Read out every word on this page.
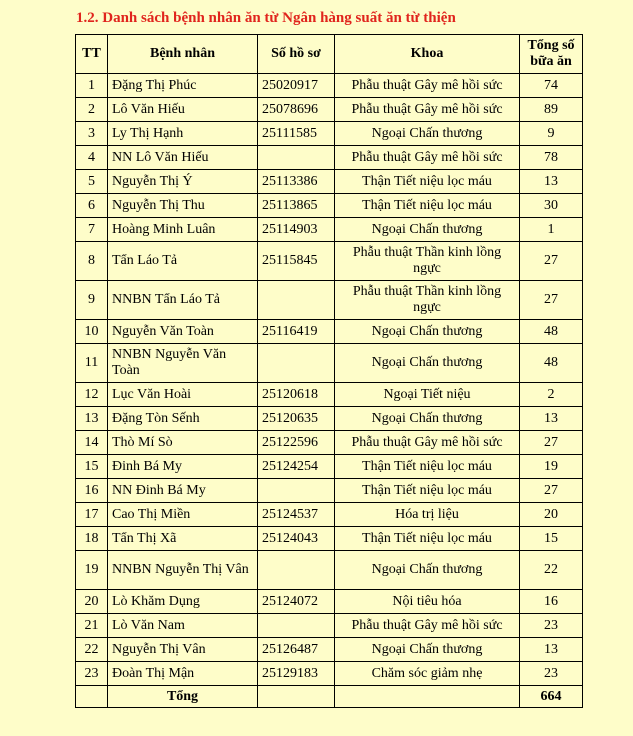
1.2. Danh sách bệnh nhân ăn từ Ngân hàng suất ăn từ thiện
TT	Bệnh nhân	Số hồ sơ	Khoa	Tổng số bữa ăn
1	Đặng Thị Phúc	25020917	Phẫu thuật Gây mê hồi sức	74
2	Lô Văn Hiếu	25078696	Phẫu thuật Gây mê hồi sức	89
3	Ly Thị Hạnh	25111585	Ngoại Chấn thương	9
4	NN Lô Văn Hiếu		Phẫu thuật Gây mê hồi sức	78
5	Nguyễn Thị Ý	25113386	Thận Tiết niệu lọc máu	13
6	Nguyễn Thị Thu	25113865	Thận Tiết niệu lọc máu	30
7	Hoàng Minh Luân	25114903	Ngoại Chấn thương	1
8	Tẩn Láo Tả	25115845	Phẫu thuật Thần kinh lồng ngực	27
9	NNBN Tẩn Láo Tả		Phẫu thuật Thần kinh lồng ngực	27
10	Nguyễn Văn Toàn	25116419	Ngoại Chấn thương	48
11	NNBN Nguyễn Văn Toàn		Ngoại Chấn thương	48
12	Lục Văn Hoài	25120618	Ngoại Tiết niệu	2
13	Đặng Tòn Sếnh	25120635	Ngoại Chấn thương	13
14	Thò Mí Sò	25122596	Phẫu thuật Gây mê hồi sức	27
15	Đinh Bá My	25124254	Thận Tiết niệu lọc máu	19
16	NN Đinh Bá My		Thận Tiết niệu lọc máu	27
17	Cao Thị Miền	25124537	Hóa trị liệu	20
18	Tẩn Thị Xã	25124043	Thận Tiết niệu lọc máu	15
19	NNBN Nguyễn Thị Vân		Ngoại Chấn thương	22
20	Lò Khăm Dụng	25124072	Nội tiêu hóa	16
21	Lò Văn Nam		Phẫu thuật Gây mê hồi sức	23
22	Nguyễn Thị Vân	25126487	Ngoại Chấn thương	13
23	Đoàn Thị Mận	25129183	Chăm sóc giảm nhẹ	23
	Tổng			664
